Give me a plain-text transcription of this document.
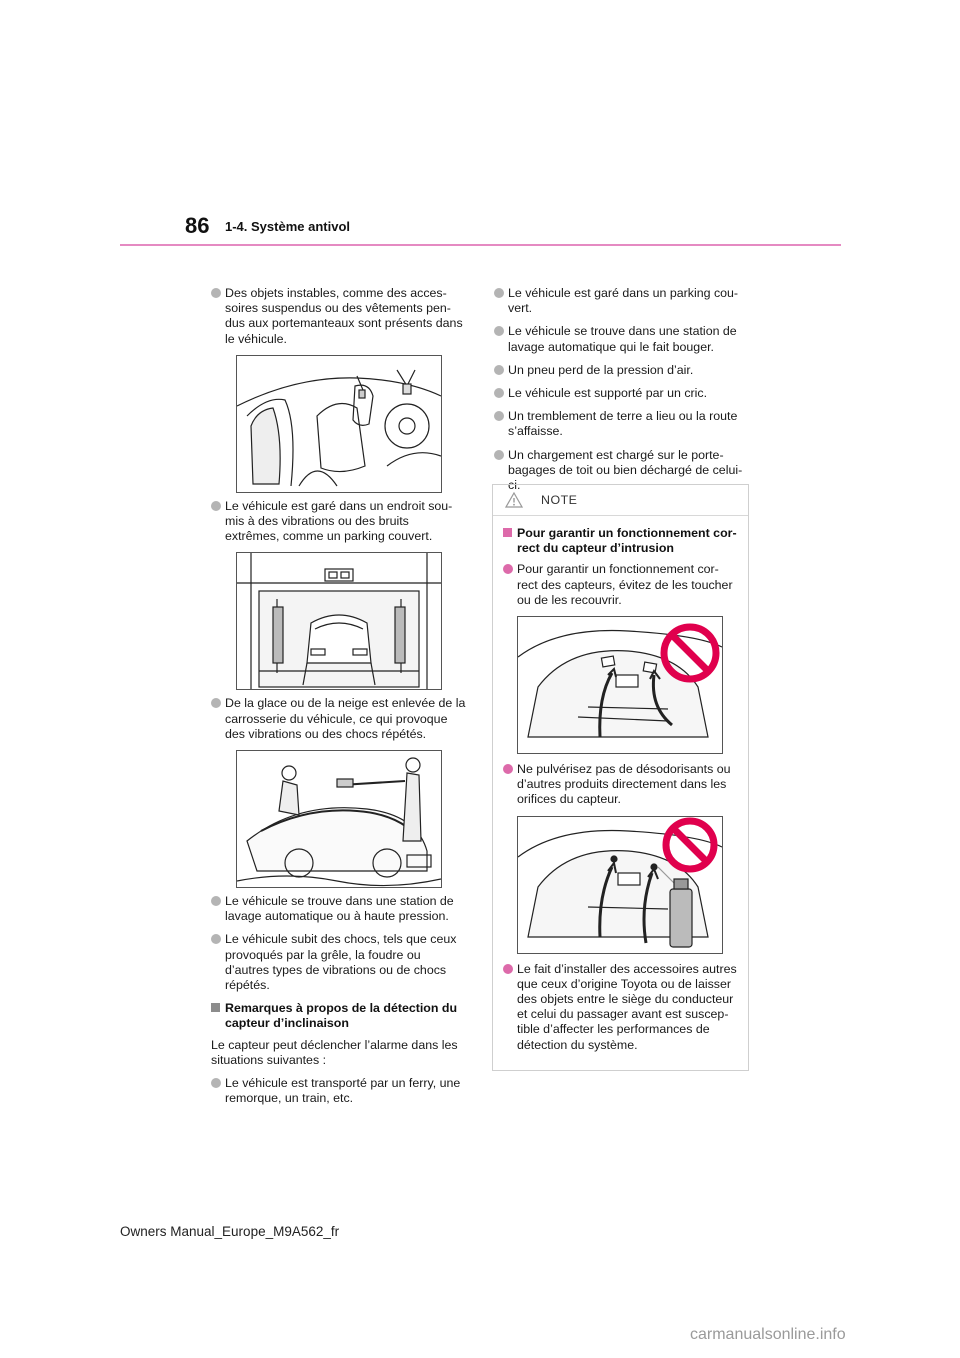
86 1-4. Système antivol
Des objets instables, comme des acces-soires suspendus ou des vêtements pen-dus aux portemanteaux sont présents dans le véhicule.
Le véhicule est garé dans un endroit sou-mis à des vibrations ou des bruits extrêmes, comme un parking couvert.
De la glace ou de la neige est enlevée de la carrosserie du véhicule, ce qui provoque des vibrations ou des chocs répétés.
Le véhicule se trouve dans une station de lavage automatique ou à haute pression.
Le véhicule subit des chocs, tels que ceux provoqués par la grêle, la foudre ou d’autres types de vibrations ou de chocs répétés.
Remarques à propos de la détection du capteur d’inclinaison
Le capteur peut déclencher l’alarme dans les situations suivantes :
Le véhicule est transporté par un ferry, une remorque, un train, etc.
Le véhicule est garé dans un parking cou-vert.
Le véhicule se trouve dans une station de lavage automatique qui le fait bouger.
Un pneu perd de la pression d’air.
Le véhicule est supporté par un cric.
Un tremblement de terre a lieu ou la route s’affaisse.
Un chargement est chargé sur le porte-bagages de toit ou bien déchargé de celui-ci.
NOTE
Pour garantir un fonctionnement cor-rect du capteur d’intrusion
Pour garantir un fonctionnement cor-rect des capteurs, évitez de les toucher ou de les recouvrir.
Ne pulvérisez pas de désodorisants ou d’autres produits directement dans les orifices du capteur.
Le fait d’installer des accessoires autres que ceux d’origine Toyota ou de laisser des objets entre le siège du conducteur et celui du passager avant est suscep-tible d’affecter les performances de détection du système.
Owners Manual_Europe_M9A562_fr
carmanualsonline.info
